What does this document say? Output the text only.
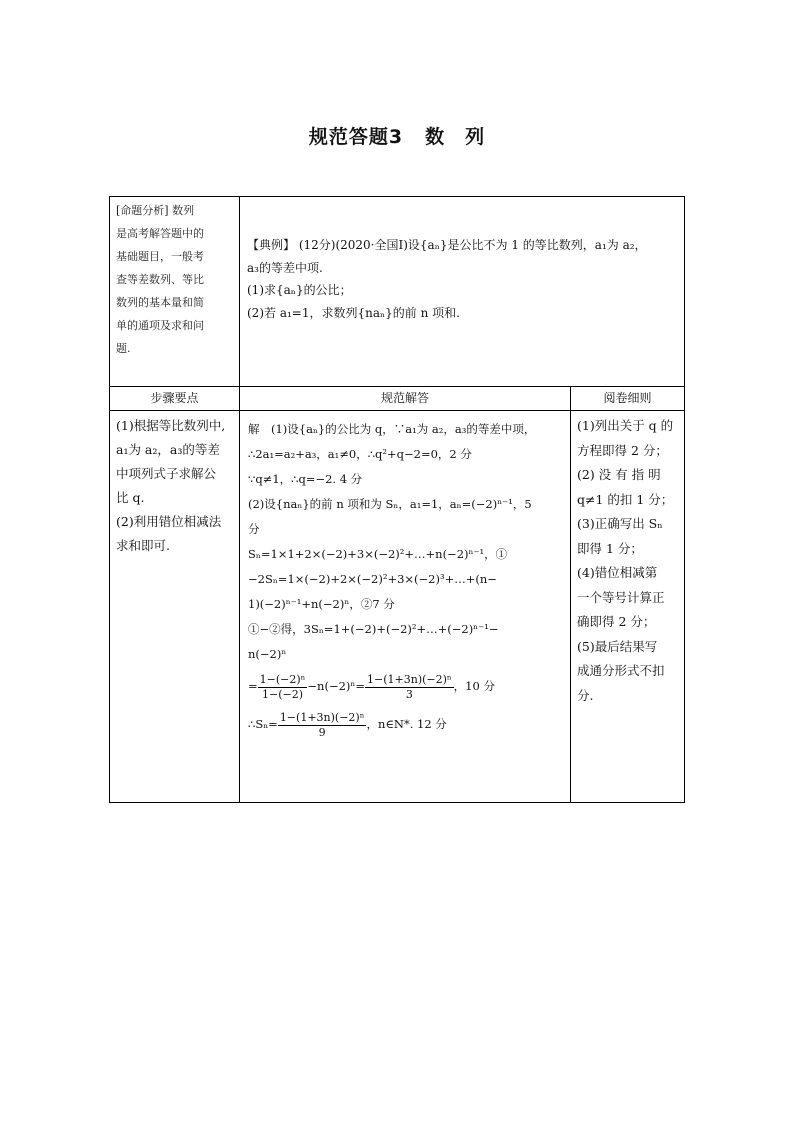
规范答题3 数　列
[命题分析] 数列
是高考解答题中的
基础题目，一般考
查等差数列、等比
数列的基本量和简
单的通项及求和问
题.
【典例】 (12分)(2020·全国Ⅰ)设{aₙ}是公比不为 1 的等比数列，a₁为 a₂，
a₃的等差中项.
(1)求{aₙ}的公比；
(2)若 a₁=1，求数列{naₙ}的前 n 项和.
步骤要点	规范解答	阅卷细则
(1)根据等比数列中,
a₁为 a₂，a₃的等差
中项列式子求解公
比 q.
(2)利用错位相减法
求和即可.
解　(1)设{aₙ}的公比为 q，∵a₁为 a₂，a₃的等差中项，
∴2a₁=a₂+a₃，a₁≠0，∴q²+q−2=0，2 分
∵q≠1，∴q=−2. 4 分
(2)设{naₙ}的前 n 项和为 Sₙ，a₁=1，aₙ=(−2)ⁿ⁻¹，5
分
Sₙ=1×1+2×(−2)+3×(−2)²+…+n(−2)ⁿ⁻¹，①
−2Sₙ=1×(−2)+2×(−2)²+3×(−2)³+…+(n−
1)(−2)ⁿ⁻¹+n(−2)ⁿ，②7 分
①−②得，3Sₙ=1+(−2)+(−2)²+…+(−2)ⁿ⁻¹−
n(−2)ⁿ
= $\frac{\text{1−(−2)ⁿ}}{1-(-2)} -n(-2)^n= \frac{\text{1−(1+3n)(−2)ⁿ}}{3}$ ，10 分
∴Sₙ= $\frac{\text{1−(1+3n)(−2)ⁿ}}{9}$ ，n∈N*. 12 分
(1)列出关于 q 的
方程即得 2 分；
(2) 没 有 指 明
q≠1 的扣 1 分；
(3)正确写出 Sₙ
即得 1 分；
(4)错位相减第
一个等号计算正
确即得 2 分；
(5)最后结果写
成通分形式不扣
分.
